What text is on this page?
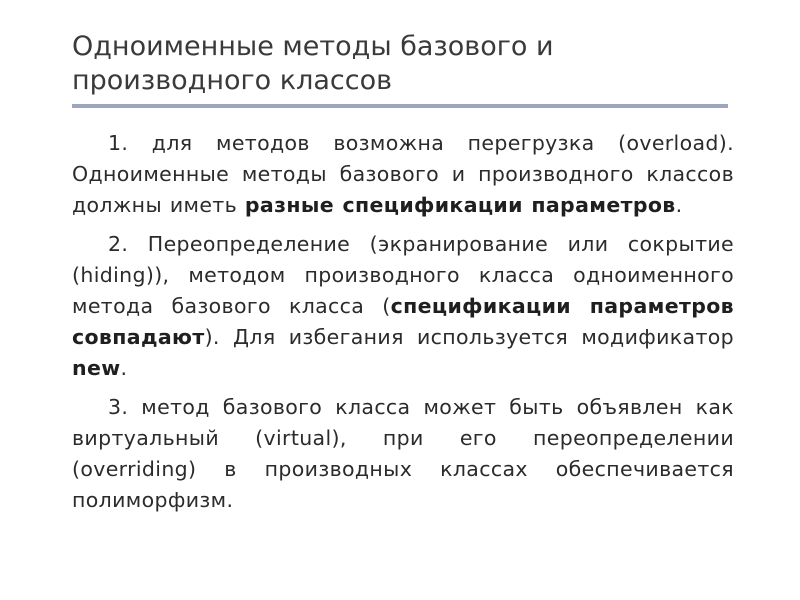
Одноименные методы базового и производного классов

1. для методов возможна перегрузка (overload). Одноименные методы базового и производного классов должны иметь разные спецификации параметров.

2. Переопределение (экранирование или сокрытие (hiding)), методом производного класса одноименного метода базового класса (спецификации параметров совпадают). Для избегания используется модификатор new.

3. метод базового класса может быть объявлен как виртуальный (virtual), при его переопределении (overriding) в производных классах обеспечивается полиморфизм.
